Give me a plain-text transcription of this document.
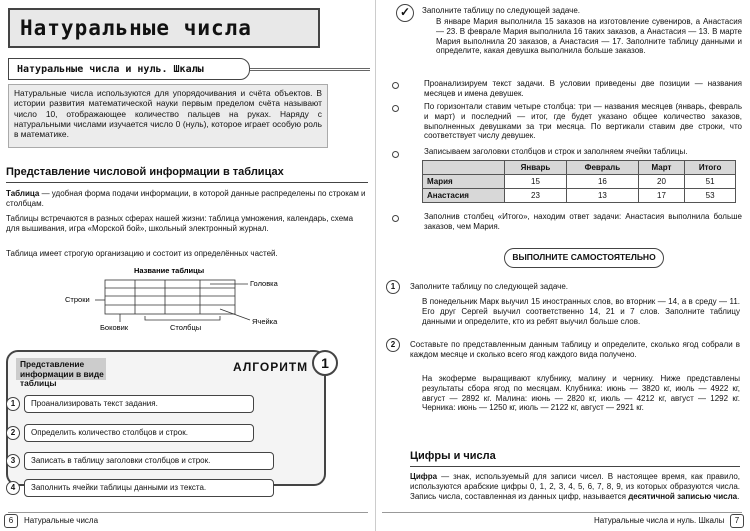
Натуральные числа
Натуральные числа и нуль. Шкалы
Натуральные числа используются для упорядочивания и счёта объектов. В истории развития математической науки первым пределом счёта называют число 10, отображающее количество пальцев на руках. Наряду с натуральными числами изучается число 0 (нуль), которое играет особую роль в математике.
Представление числовой информации в таблицах
Таблица — удобная форма подачи информации, в которой данные распределены по строкам и столбцам.
Таблицы встречаются в разных сферах нашей жизни: таблица умножения, календарь, схема для вышивания, игра «Морской бой», школьный электронный журнал.
Таблица имеет строгую организацию и состоит из определённых частей.
Название таблицы
Головка
Строки
Ячейка
Боковик	Столбцы
Представление информации в виде таблицы
АЛГОРИТМ 1
1	Проанализировать текст задания.
2	Определить количество столбцов и строк.
3	Записать в таблицу заголовки столбцов и строк.
4	Заполнить ячейки таблицы данными из текста.
6	Натуральные числа
✓	Заполните таблицу по следующей задаче.
В январе Мария выполнила 15 заказов на изготовление сувениров, а Анастасия — 23. В феврале Мария выполнила 16 таких заказов, а Анастасия — 13. В марте Мария выполнила 20 заказов, а Анастасия — 17. Заполните таблицу данными и определите, какая девушка выполнила больше заказов.
Проанализируем текст задачи. В условии приведены две позиции — названия месяцев и имена девушек.
По горизонтали ставим четыре столбца: три — названия месяцев (январь, февраль и март) и последний — итог, где будет указано общее количество заказов, выполненных девушками за три месяца. По вертикали ставим две строки, что соответствует числу девушек.
Записываем заголовки столбцов и строк и заполняем ячейки таблицы.
	Январь	Февраль	Март	Итого
Мария	15	16	20	51
Анастасия	23	13	17	53
Заполнив столбец «Итого», находим ответ задачи: Анастасия выполнила больше заказов, чем Мария.
ВЫПОЛНИТЕ САМОСТОЯТЕЛЬНО
1	Заполните таблицу по следующей задаче.
В понедельник Марк выучил 15 иностранных слов, во вторник — 14, а в среду — 11. Его друг Сергей выучил соответственно 14, 21 и 7 слов. Заполните таблицу данными и определите, кто из ребят выучил больше слов.
2	Составьте по представленным данным таблицу и определите, сколько ягод собрали в каждом месяце и сколько всего ягод каждого вида получено.
На экоферме выращивают клубнику, малину и чернику. Ниже представлены результаты сбора ягод по месяцам. Клубника: июнь — 3820 кг, июль — 4922 кг, август — 2892 кг. Малина: июнь — 2820 кг, июль — 4212 кг, август — 1292 кг. Черника: июнь — 1250 кг, июль — 2122 кг, август — 2921 кг.
Цифры и числа
Цифра — знак, используемый для записи чисел. В настоящее время, как правило, используются арабские цифры 0, 1, 2, 3, 4, 5, 6, 7, 8, 9, из которых образуются числа. Запись числа, составленная из данных цифр, называется десятичной записью числа.
Натуральные числа и нуль. Шкалы	7
